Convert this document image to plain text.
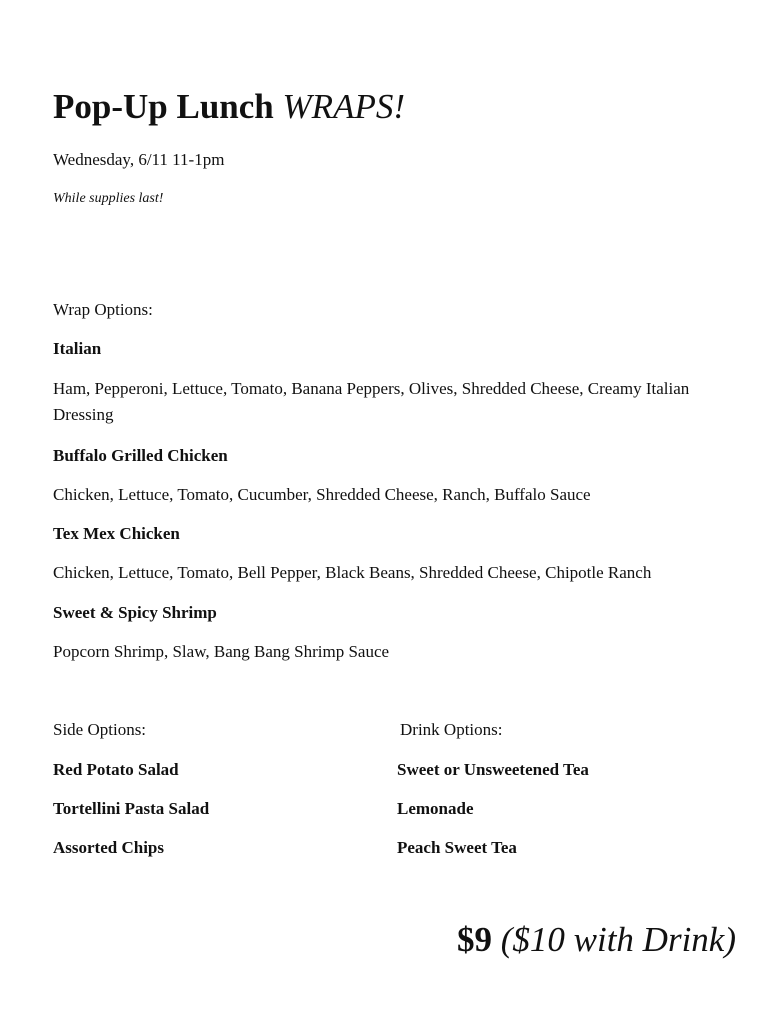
Pop-Up Lunch WRAPS!
Wednesday, 6/11 11-1pm
While supplies last!
Wrap Options:
Italian
Ham, Pepperoni, Lettuce, Tomato, Banana Peppers, Olives, Shredded Cheese, Creamy Italian Dressing
Buffalo Grilled Chicken
Chicken, Lettuce, Tomato, Cucumber, Shredded Cheese, Ranch, Buffalo Sauce
Tex Mex Chicken
Chicken, Lettuce, Tomato, Bell Pepper, Black Beans, Shredded Cheese, Chipotle Ranch
Sweet & Spicy Shrimp
Popcorn Shrimp, Slaw, Bang Bang Shrimp Sauce
Side Options:
Red Potato Salad
Tortellini Pasta Salad
Assorted Chips
Drink Options:
Sweet or Unsweetened Tea
Lemonade
Peach Sweet Tea
$9 ($10 with Drink)
